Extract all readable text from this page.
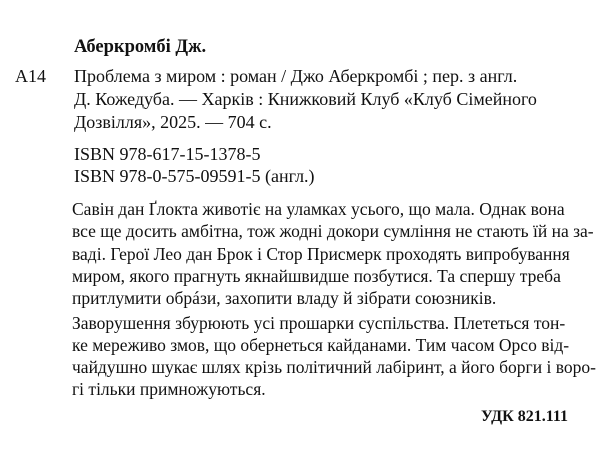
Аберкромбі Дж.
А14 Проблема з миром : роман / Джо Аберкромбі ; пер. з англ.
Д. Кожедуба. — Харків : Книжковий Клуб «Клуб Сімейного
Дозвілля», 2025. — 704 с.
ISBN 978-617-15-1378-5
ISBN 978-0-575-09591-5 (англ.)
Савін дан Ґлокта животіє на уламках усього, що мала. Однак вона
все ще досить амбітна, тож жодні докори сумління не стають їй на за-
ваді. Герої Лео дан Брок і Стор Присмерк проходять випробування
миром, якого прагнуть якнайшвидше позбутися. Та спершу треба
притлумити обрáзи, захопити владу й зібрати союзників.
Заворушення збурюють усі прошарки суспільства. Плететься тон-
ке мереживо змов, що обернеться кайданами. Тим часом Орсо від-
чайдушно шукає шлях крізь політичний лабіринт, а його борги і воро-
гі тільки примножуються.
УДК 821.111
